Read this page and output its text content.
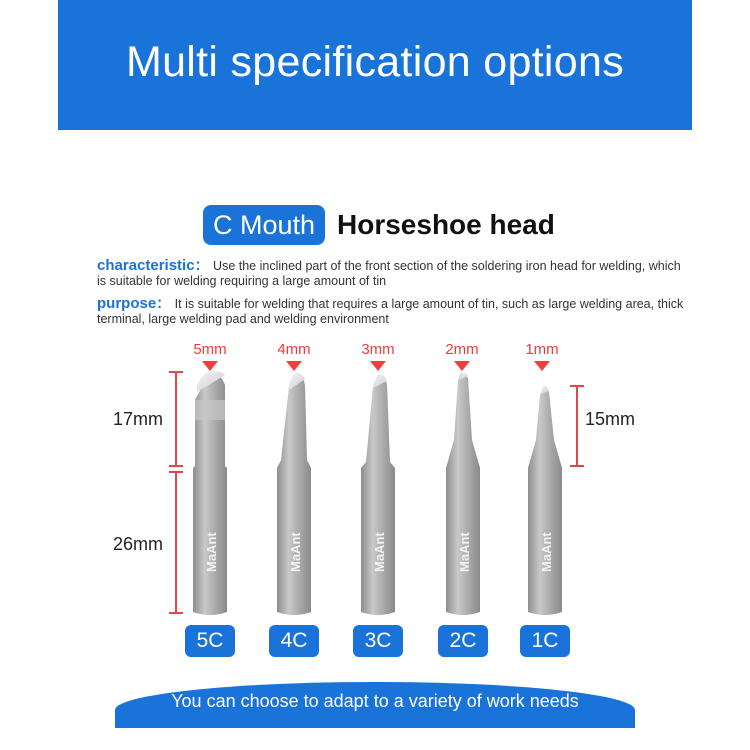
Multi specification options
C Mouth Horseshoe head
characteristic： Use the inclined part of the front section of the soldering iron head for welding, which is suitable for welding requiring a large amount of tin
purpose： It is suitable for welding that requires a large amount of tin, such as large welding area, thick terminal, large welding pad and welding environment
5mm	4mm	3mm	2mm	1mm
MaAnt	MaAnt	MaAnt	MaAnt	MaAnt
17mm
26mm
15mm
5C	4C	3C	2C	1C
You can choose to adapt to a variety of work needs
